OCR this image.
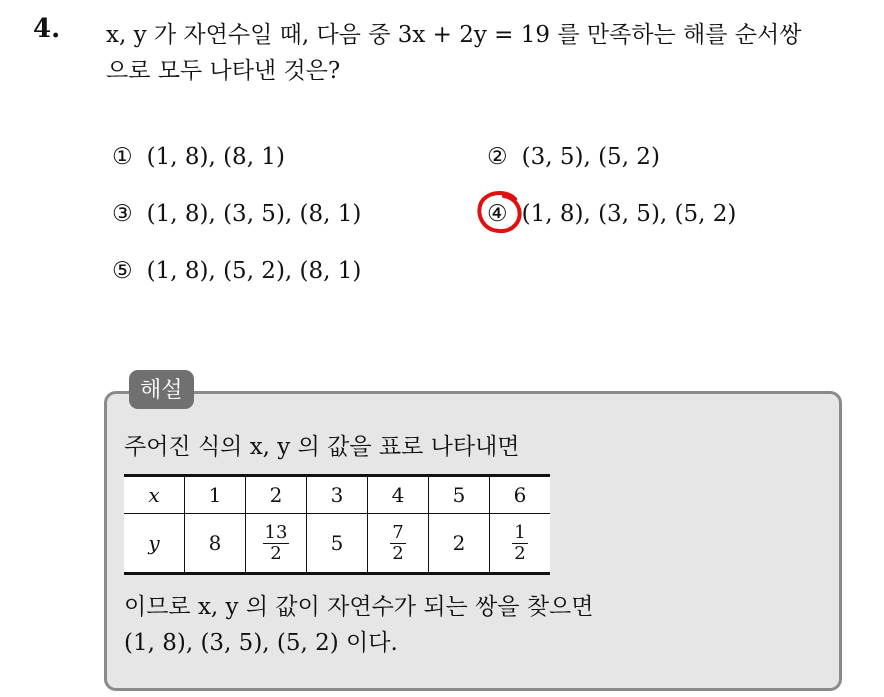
4. x, y 가 자연수일 때, 다음 중 3x + 2y = 19 를 만족하는 해를 순서쌍
으로 모두 나타낸 것은?
① (1, 8), (8, 1)	② (3, 5), (5, 2)
③ (1, 8), (3, 5), (8, 1)	④ (1, 8), (3, 5), (5, 2)
⑤ (1, 8), (5, 2), (8, 1)
해설
주어진 식의 x, y 의 값을 표로 나타내면
x	1	2	3	4	5	6
y	8	$\frac{13}{2}$	5	$\frac{7}{2}$	2	$\frac{1}{2}$
이므로 x, y 의 값이 자연수가 되는 쌍을 찾으면
(1, 8), (3, 5), (5, 2) 이다.
